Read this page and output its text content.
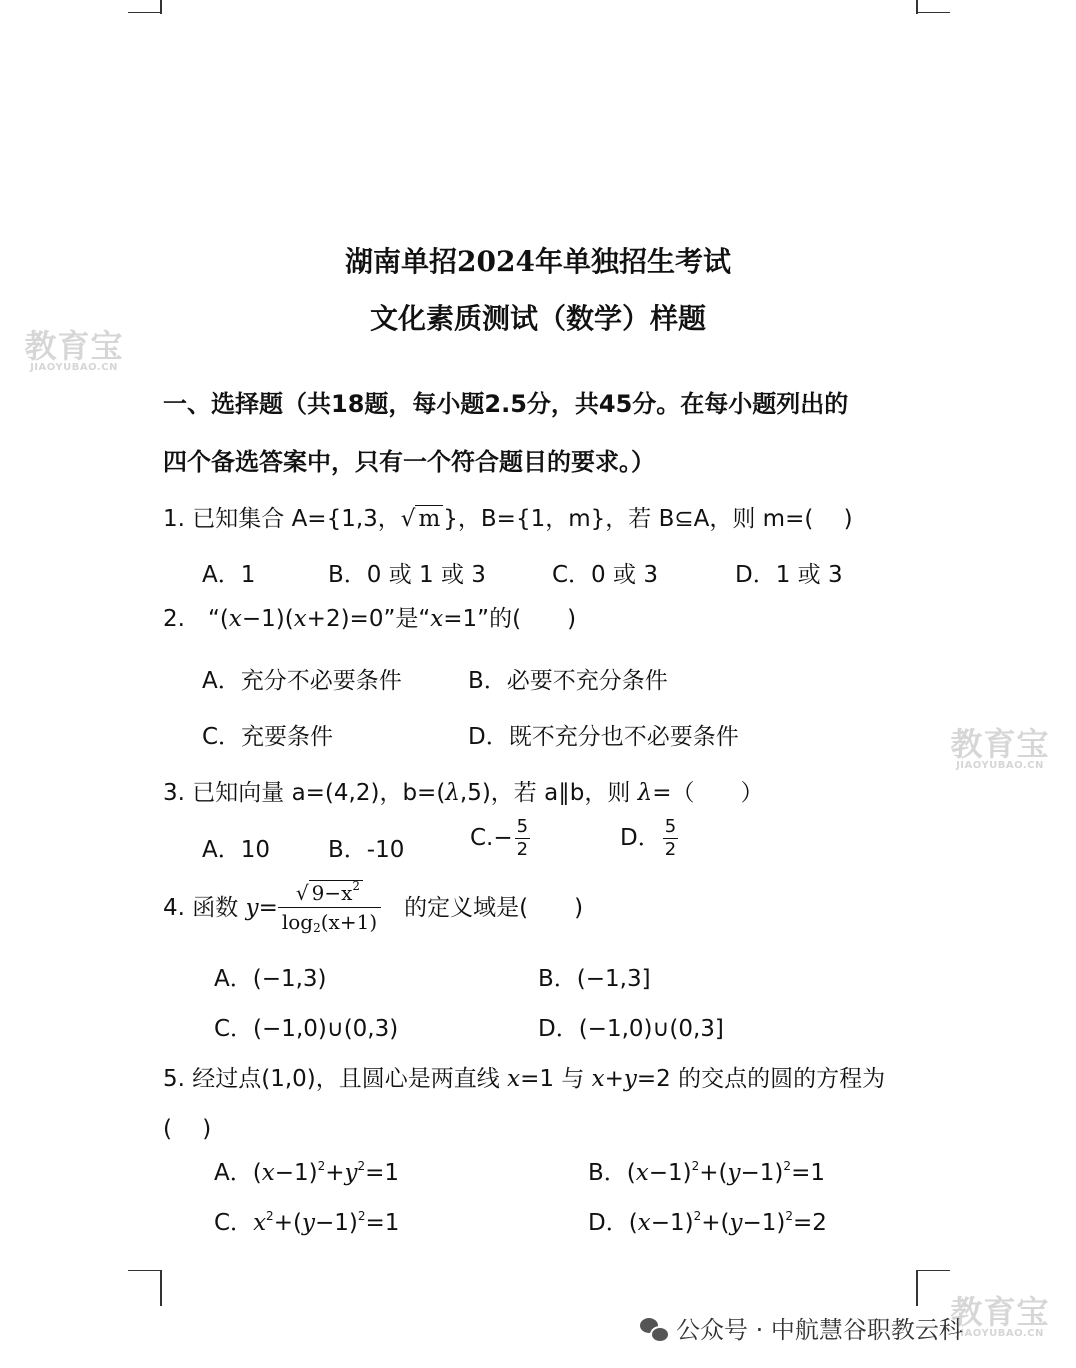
教育宝
JIAOYUBAO.CN
教育宝
JIAOYUBAO.CN
教育宝
JIAOYUBAO.CN
湖南单招2024年单独招生考试
文化素质测试（数学）样题
一、选择题（共18题，每小题2.5分，共45分。在每小题列出的
四个备选答案中，只有一个符合题目的要求。）
1. 已知集合 A={1,3，√ m }，B={1，m}，若 B⊆A，则 m=(　 )
A．1	B．0 或 1 或 3	C．0 或 3	D．1 或 3
2.　“(x−1)(x+2)=0”是“x=1”的(　　)
A．充分不必要条件	B．必要不充分条件
C．充要条件	D．既不充分也不必要条件
3. 已知向量 a=(4,2)，b=(λ,5)，若 a∥b，则 λ=（　　）
A．10	B．-10	$C.- \frac{5}{2}$	D． $\frac{5}{2}$
4. 函数 $y= \frac{√ 9-x^2}{\log_2(x+1)}$
　 的定义域是(　　)
A．(−1,3)	B．(−1,3]
C．(−1,0)∪(0,3)	D．(−1,0)∪(0,3]
5. 经过点(1,0)，且圆心是两直线 x=1 与 x+y=2 的交点的圆的方程为
(　 )
A．$(x-1)^2+y^2=1$	B．$(x-1)^2+(y-1)^2=1$
C．$x^2+(y-1)^2=1$	D．$(x-1)^2+(y-1)^2=2$
公众号 · 中航慧谷职教云科
